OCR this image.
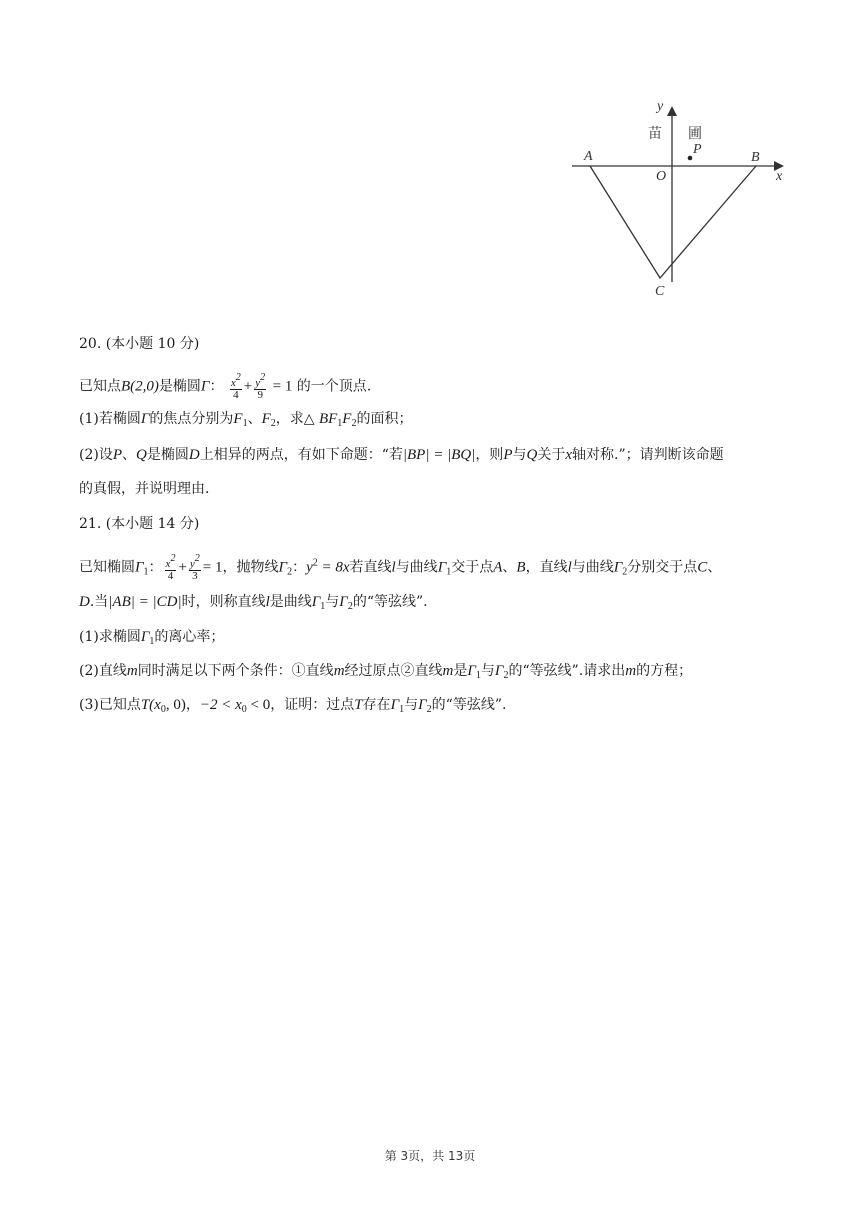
y
x
A	B
C
O
P
苗 圃
20. (本小题 10 分)
已知点B(2,0)是椭圆Γ： $\frac{x2}{4} + \frac{y2}{9} = 1$ 的一个顶点.
(1)若椭圆Γ的焦点分别为$F_1$、$F_2$，求△ $BF_1F_2$的面积；
(2)设P、Q是椭圆D上相异的两点，有如下命题：“若|BP| = |BQ|，则P与Q关于x轴对称.”；请判断该命题
的真假，并说明理由.
21. (本小题 14 分)
已知椭圆$\Gamma_1$： $\frac{x2}{4} + \frac{y2}{3} = 1$，抛物线$\Gamma_2$：$y^2 = 8x$若直线l与曲线$\Gamma_1$交于点A、B，直线l与曲线$\Gamma_2$分别交于点C、
D.当|AB| = |CD|时，则称直线l是曲线$\Gamma_1$与$\Gamma_2$的“等弦线”.
(1)求椭圆$\Gamma_1$的离心率；
(2)直线m同时满足以下两个条件：①直线m经过原点②直线m是$\Gamma_1$与$\Gamma_2$的“等弦线”.请求出m的方程；
(3)已知点$T(x_0$, 0)，$-2 < x_0 < 0$，证明：过点T存在$\Gamma_1$与$\Gamma_2$的“等弦线”.
第 3页，共 13页
